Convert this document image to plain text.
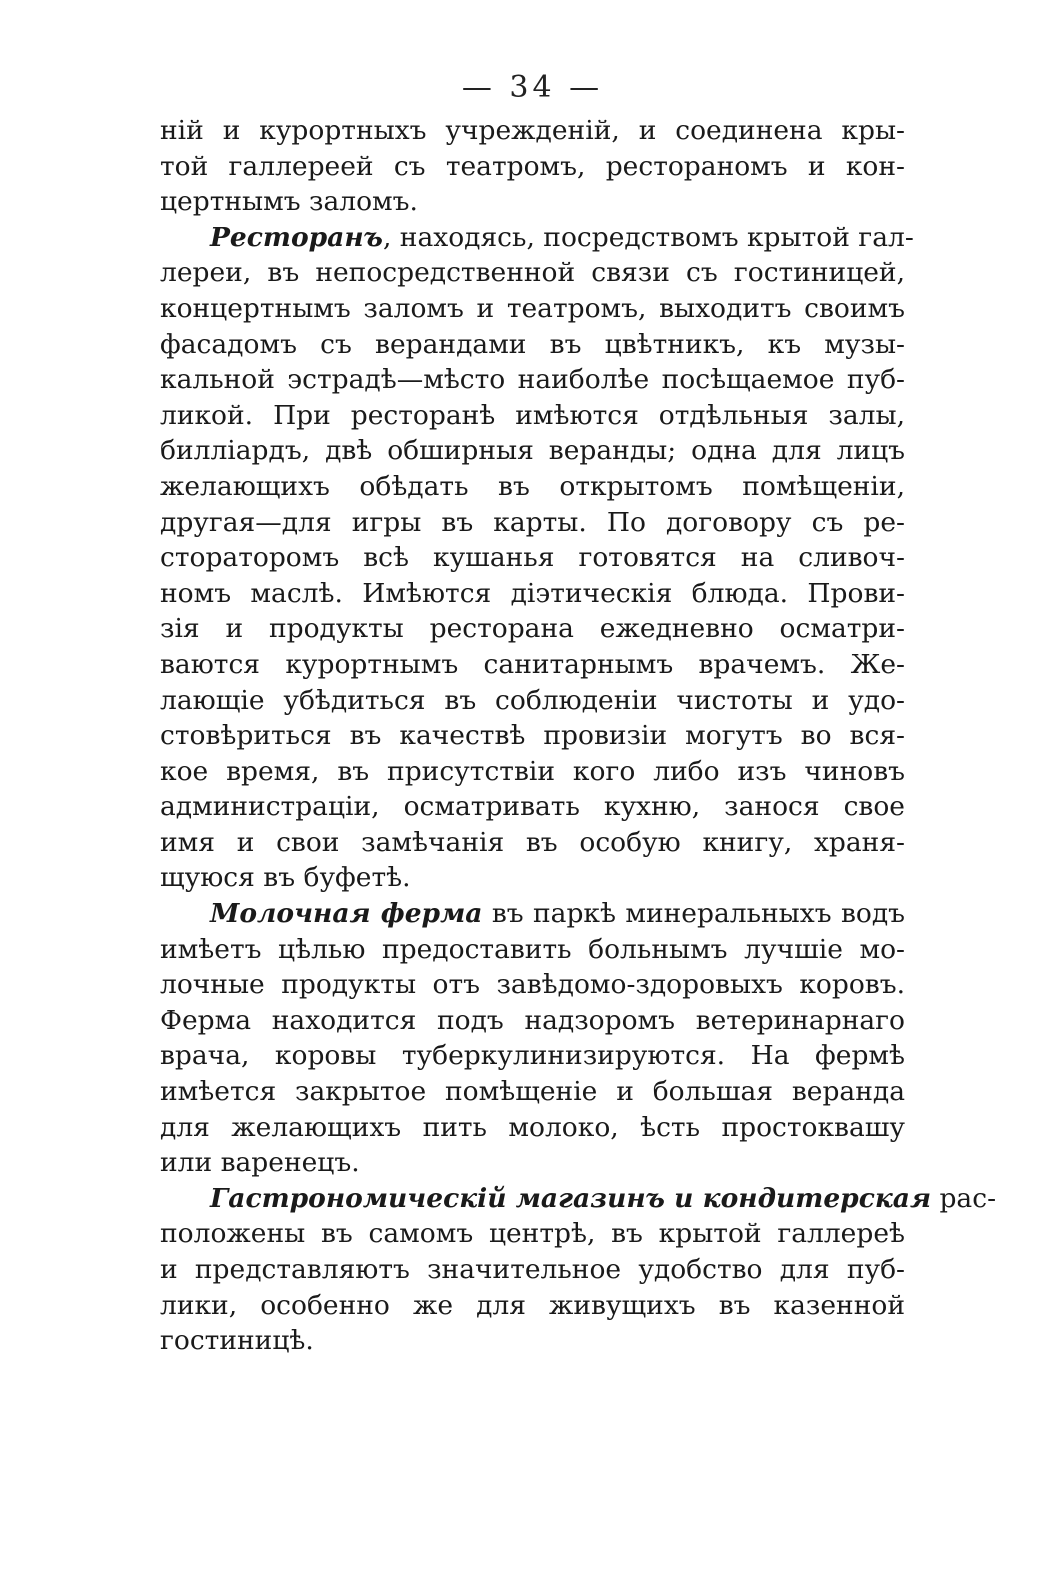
— 34 —
ній и курортныхъ учрежденій, и соединена кры-
той галлереей съ театромъ, рестораномъ и кон-
цертнымъ заломъ.
Ресторанъ, находясь, посредствомъ крытой гал-
лереи, въ непосредственной связи съ гостиницей,
концертнымъ заломъ и театромъ, выходитъ своимъ
фасадомъ съ верандами въ цвѣтникъ, къ музы-
кальной эстрадѣ—мѣсто наиболѣе посѣщаемое пуб-
ликой. При ресторанѣ имѣются отдѣльныя залы,
билліардъ, двѣ обширныя веранды; одна для лицъ
желающихъ обѣдать въ открытомъ помѣщеніи,
другая—для игры въ карты. По договору съ ре-
стораторомъ всѣ кушанья готовятся на сливоч-
номъ маслѣ. Имѣются діэтическія блюда. Прови-
зія и продукты ресторана ежедневно осматри-
ваются курортнымъ санитарнымъ врачемъ. Же-
лающіе убѣдиться въ соблюденіи чистоты и удо-
стовѣриться въ качествѣ провизіи могутъ во вся-
кое время, въ присутствіи кого либо изъ чиновъ
администраціи, осматривать кухню, занося свое
имя и свои замѣчанія въ особую книгу, храня-
щуюся въ буфетѣ.
Молочная ферма въ паркѣ минеральныхъ водъ
имѣетъ цѣлью предоставить больнымъ лучшіе мо-
лочные продукты отъ завѣдомо-здоровыхъ коровъ.
Ферма находится подъ надзоромъ ветеринарнаго
врача, коровы туберкулинизируются. На фермѣ
имѣется закрытое помѣщеніе и большая веранда
для желающихъ пить молоко, ѣсть простоквашу
или варенецъ.
Гастрономическій магазинъ и кондитерская рас-
положены въ самомъ центрѣ, въ крытой галлереѣ
и представляютъ значительное удобство для пуб-
лики, особенно же для живущихъ въ казенной
гостиницѣ.
